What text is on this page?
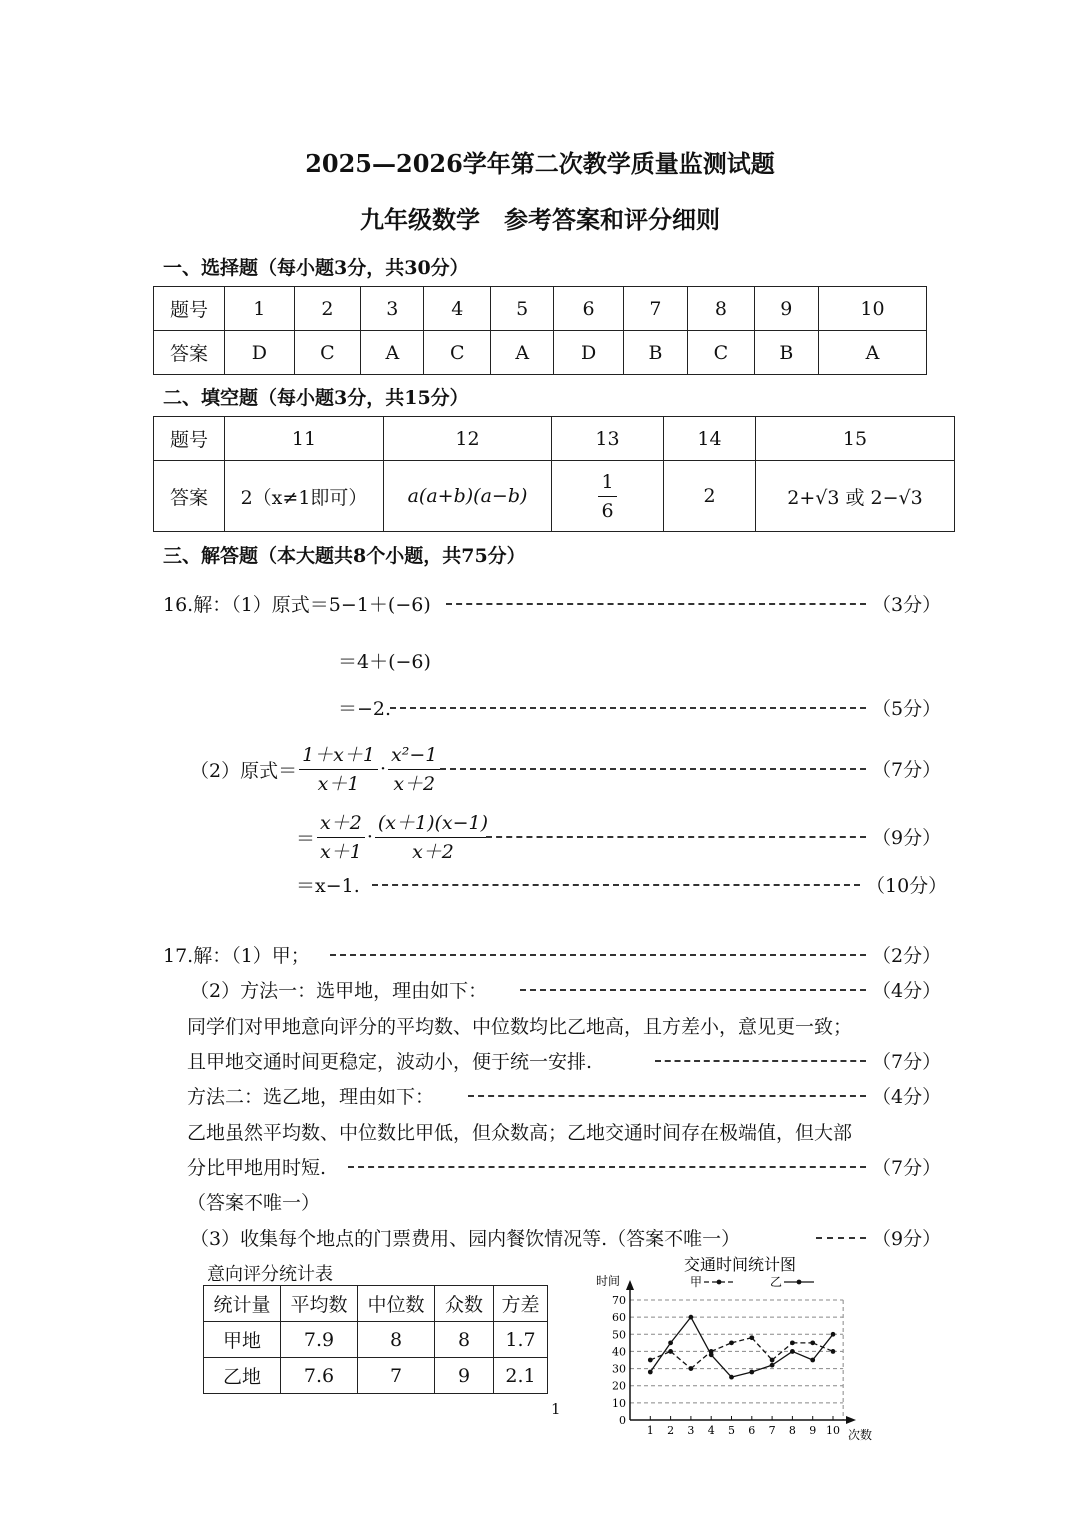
2025—2026学年第二次教学质量监测试题
九年级数学　参考答案和评分细则
一、选择题（每小题3分，共30分）
题号	1	2	3	4	5	6	7	8	9	10
答案	D	C	A	C	A	D	B	C	B	A
二、填空题（每小题3分，共15分）
题号	11	12	13	14	15
答案	2（x≠1即可）	a(a+b)(a−b)	$\frac{1}{6}$	2	2+√3 或 2−√3
三、解答题（本大题共8个小题，共75分）
16.解：（1）原式＝5−1＋(−6)	（3分）
＝4＋(−6)
＝−2.	（5分）
（2）原式＝ $\frac{1+x+1}{x+1} \cdot \frac{\text{x²−1}}{x+2}$	（7分）
＝ $\frac{x+2}{x+1} \cdot \frac{(x+1)(x-1)}{x+2}$	（9分）
＝x−1.	（10分）
17.解：（1）甲；	（2分）
（2）方法一：选甲地，理由如下：	（4分）
同学们对甲地意向评分的平均数、中位数均比乙地高，且方差小，意见更一致；
且甲地交通时间更稳定，波动小，便于统一安排.	（7分）
方法二：选乙地，理由如下：	（4分）
乙地虽然平均数、中位数比甲低，但众数高；乙地交通时间存在极端值，但大部
分比甲地用时短.	（7分）
（答案不唯一）
（3）收集每个地点的门票费用、园内餐饮情况等.（答案不唯一）	（9分）
意向评分统计表
统计量	平均数	中位数	众数	方差
甲地	7.9	8	8	1.7
乙地	7.6	7	9	2.1
1
交通时间统计图
时间
次数
0
10
20
30
40
50
60
70
1 2 3 4 5 6 7 8 9 10
甲	乙
